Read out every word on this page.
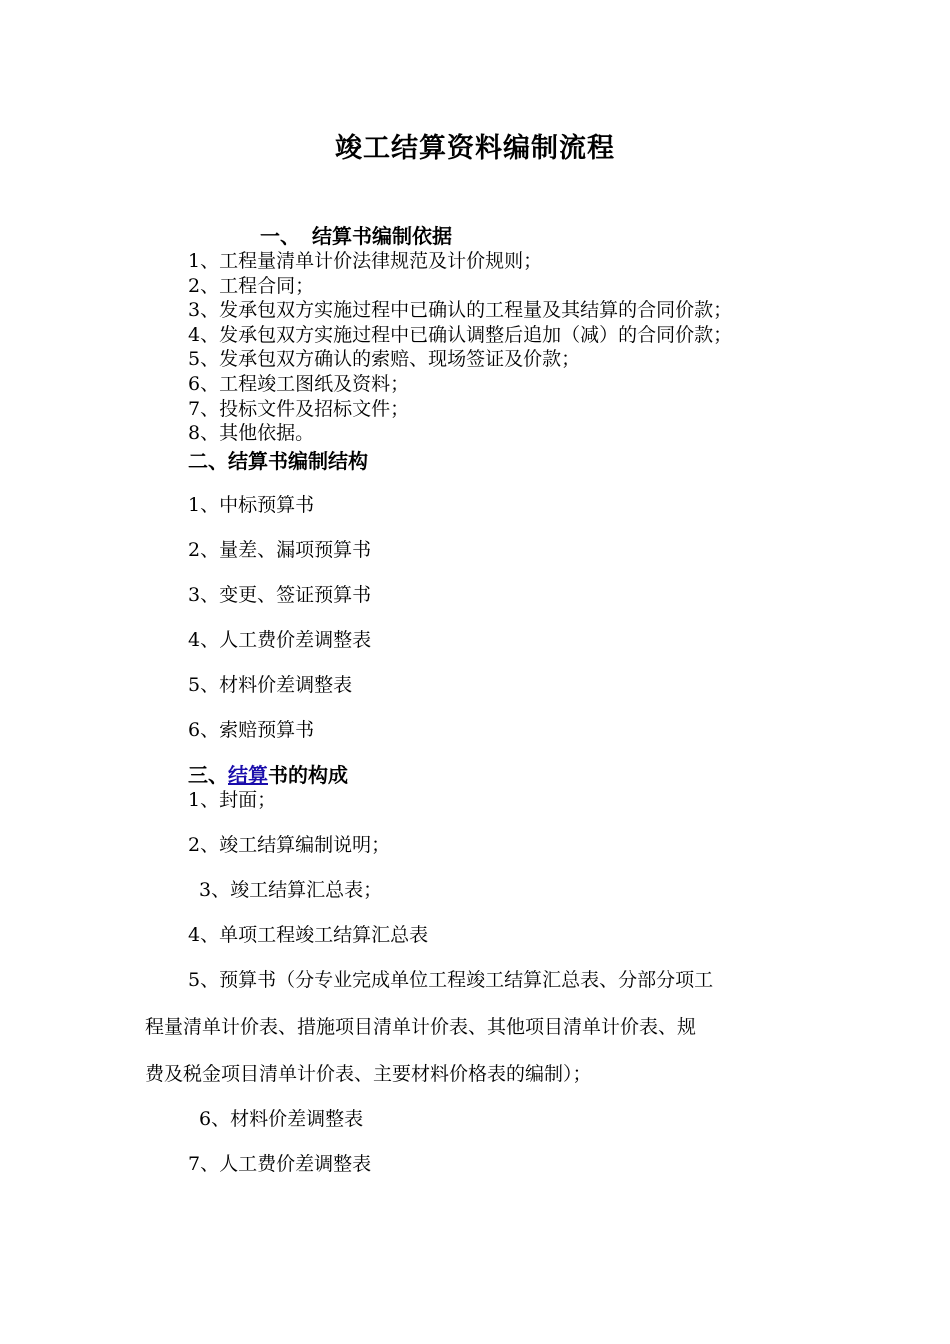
竣工结算资料编制流程
一、 结算书编制依据
1、工程量清单计价法律规范及计价规则；
2、工程合同；
3、发承包双方实施过程中已确认的工程量及其结算的合同价款；
4、发承包双方实施过程中已确认调整后追加（减）的合同价款；
5、发承包双方确认的索赔、现场签证及价款；
6、工程竣工图纸及资料；
7、投标文件及招标文件；
8、其他依据。
二、结算书编制结构
1、中标预算书
2、量差、漏项预算书
3、变更、签证预算书
4、人工费价差调整表
5、材料价差调整表
6、索赔预算书
三、结算书的构成
1、封面；
2、竣工结算编制说明；
3、竣工结算汇总表；
4、单项工程竣工结算汇总表
5、预算书（分专业完成单位工程竣工结算汇总表、分部分项工
程量清单计价表、措施项目清单计价表、其他项目清单计价表、规
费及税金项目清单计价表、主要材料价格表的编制）；
6、材料价差调整表
7、人工费价差调整表
